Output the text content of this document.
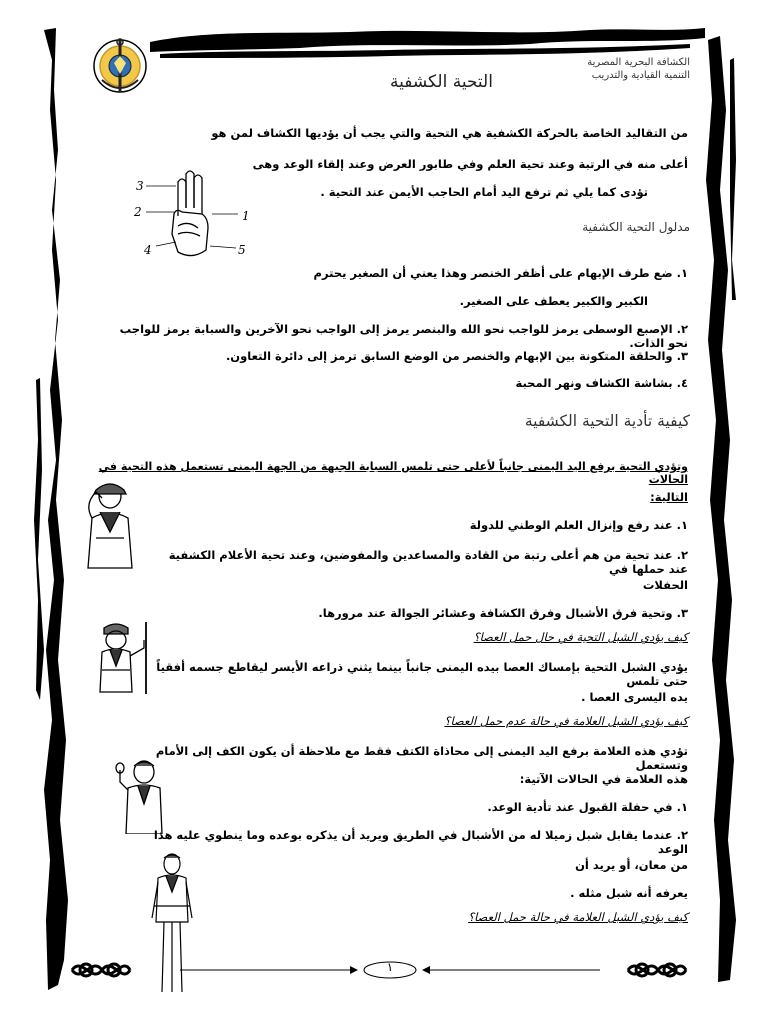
الكشافة البحرية المصرية
التنمية القيادية والتدريب
التحية الكشفية
من التقاليد الخاصة بالحركة الكشفية هي التحية والتي يجب أن يؤديها الكشاف لمن هو
أعلى منه في الرتبة وعند تحية العلم وفي طابور العرض وعند إلقاء الوعد وهى
تؤدى كما يلي ثم ترفع اليد أمام الحاجب الأيمن عند التحية .
3
2	1
4	5
مدلول التحية الكشفية
١. ضع طرف الإبهام على أظفر الخنصر وهذا يعني أن الصغير يحترم
الكبير والكبير يعطف على الصغير.
٢. الإصبع الوسطى يرمز للواجب نحو الله والبنصر يرمز إلى الواجب نحو الآخرين والسبابة يرمز للواجب نحو الذات.
٣. والحلقة المتكونة بين الإبهام والخنصر من الوضع السابق ترمز إلى دائرة التعاون.
٤. بشاشة الكشاف ونهر المحبة
كيفية تأدية التحية الكشفية
وتؤدي التحية برفع اليد اليمنى جانباً لأعلى حتى تلمس السبابة الجبهة من الجهة اليمنى تستعمل هذه التحية في الحالات
التالية:
١. عند رفع وإنزال العلم الوطني للدولة
٢. عند تحية من هم أعلى رتبة من القادة والمساعدين والمفوضين، وعند تحية الأعلام الكشفية عند حملها في
الحفلات
٣. وتحية فرق الأشبال وفرق الكشافة وعشائر الجوالة عند مرورها.
كيف يؤدي الشبل التحية في حال حمل العصا؟
يؤدي الشبل التحية بإمساك العصا بيده اليمنى جانباً بينما يثني ذراعه الأيسر ليقاطع جسمه أفقياً حتى تلمس
يده اليسرى العصا .
كيف يؤدي الشبل العلامة في حالة عدم حمل العصا؟
تؤدي هذه العلامة برفع اليد اليمنى إلى محاذاة الكتف فقط مع ملاحظة أن يكون الكف إلى الأمام وتستعمل
هذه العلامة في الحالات الآتية:
١. في حفلة القبول عند تأدية الوعد.
٢. عندما يقابل شبل زميلا له من الأشبال في الطريق ويريد أن يذكره بوعده وما ينطوي عليه هذا الوعد
من معان، أو يريد أن
يعرفه أنه شبل مثله .
كيف يؤدي الشبل العلامة في حالة حمل العصا؟
١
